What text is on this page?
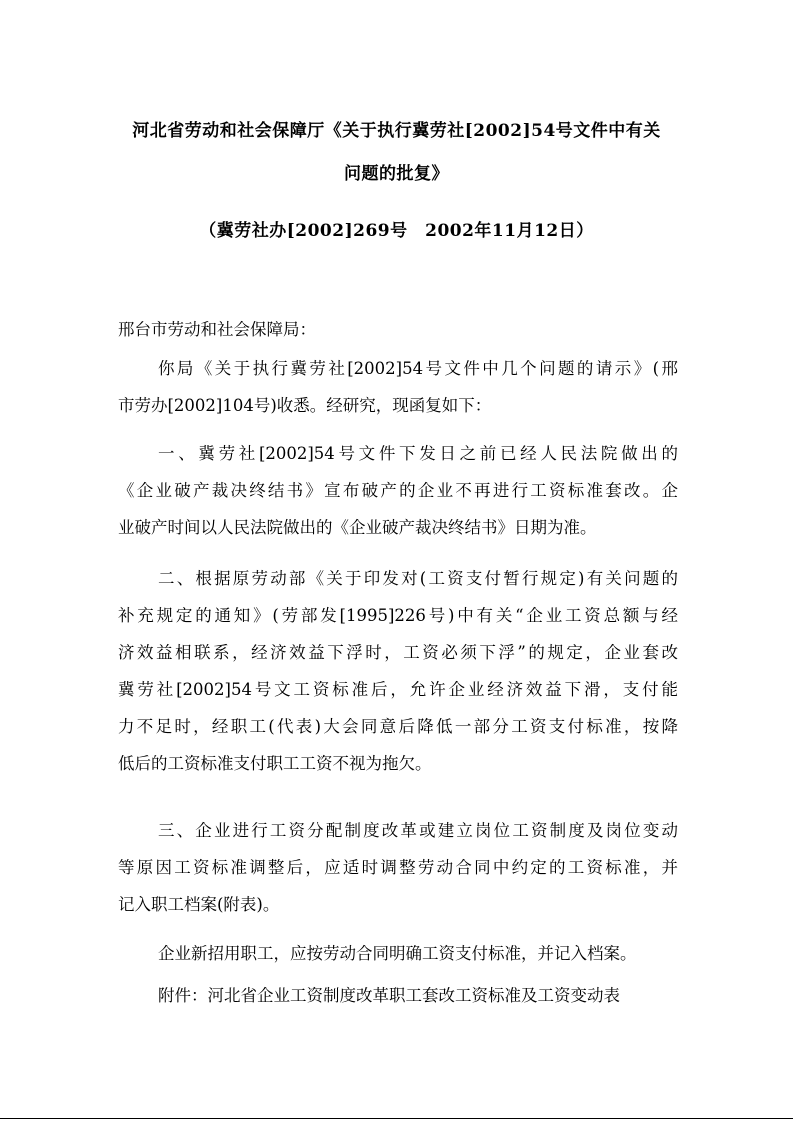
河北省劳动和社会保障厅《关于执行冀劳社[2002]54号文件中有关
问题的批复》
（冀劳社办[2002]269号　2002年11月12日）
邢台市劳动和社会保障局：
你局《关于执行冀劳社[2002]54号文件中几个问题的请示》(邢
市劳办[2002]104号)收悉。经研究，现函复如下：
一、冀劳社[2002]54号文件下发日之前已经人民法院做出的
《企业破产裁决终结书》宣布破产的企业不再进行工资标准套改。企
业破产时间以人民法院做出的《企业破产裁决终结书》日期为准。
二、根据原劳动部《关于印发对(工资支付暂行规定)有关问题的
补充规定的通知》(劳部发[1995]226号)中有关“企业工资总额与经
济效益相联系，经济效益下浮时，工资必须下浮”的规定，企业套改
冀劳社[2002]54号文工资标准后，允许企业经济效益下滑，支付能
力不足时，经职工(代表)大会同意后降低一部分工资支付标准，按降
低后的工资标准支付职工工资不视为拖欠。
三、企业进行工资分配制度改革或建立岗位工资制度及岗位变动
等原因工资标准调整后，应适时调整劳动合同中约定的工资标准，并
记入职工档案(附表)。
企业新招用职工，应按劳动合同明确工资支付标准，并记入档案。
附件：河北省企业工资制度改革职工套改工资标准及工资变动表
